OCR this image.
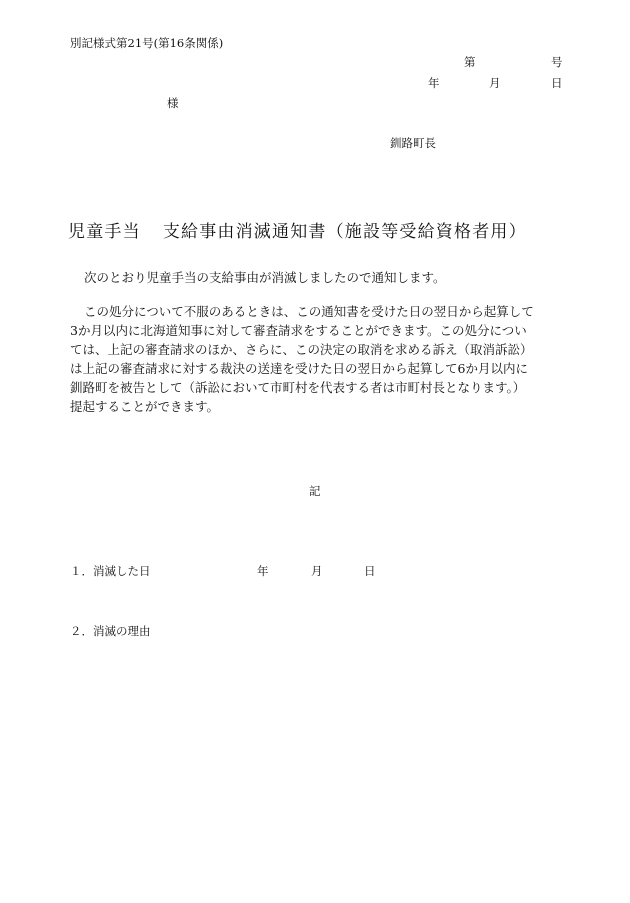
別記様式第21号(第16条関係)
第	号
年	月	日
様
釧路町長
児童手当 支給事由消滅通知書（施設等受給資格者用）
次のとおり児童手当の支給事由が消滅しましたので通知します。
この処分について不服のあるときは、この通知書を受けた日の翌日から起算して
3か月以内に北海道知事に対して審査請求をすることができます。この処分につい
ては、上記の審査請求のほか、さらに、この決定の取消を求める訴え（取消訴訟）
は上記の審査請求に対する裁決の送達を受けた日の翌日から起算して6か月以内に
釧路町を被告として（訴訟において市町村を代表する者は市町村長となります。）
提起することができます。
記
１．消滅した日	年	月	日
２．消滅の理由
